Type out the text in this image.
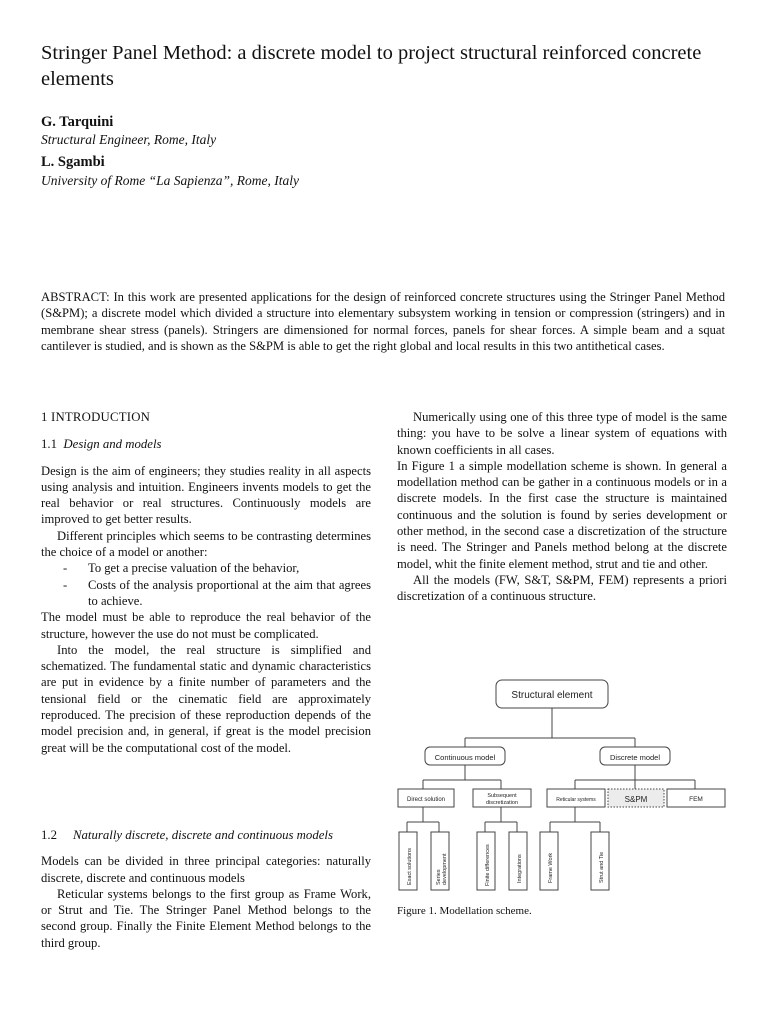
Stringer Panel Method: a discrete model to project structural reinforced concrete elements
G. Tarquini
Structural Engineer, Rome, Italy
L. Sgambi
University of Rome “La Sapienza”, Rome, Italy
ABSTRACT: In this work are presented applications for the design of reinforced concrete structures using the Stringer Panel Method (S&PM); a discrete model which divided a structure into elementary subsystem working in tension or compression (stringers) and in membrane shear stress (panels). Stringers are dimensioned for normal forces, panels for shear forces. A simple beam and a squat cantilever is studied, and is shown as the S&PM is able to get the right global and local results in this two antithetical cases.
1 INTRODUCTION
1.1 Design and models

Design is the aim of engineers; they studies reality in all aspects using analysis and intuition. Engineers invents models to get the real behavior or real structures. Continuously models are improved to get better results.

Different principles which seems to be contrasting determines the choice of a model or another:

- To get a precise valuation of the behavior,
- Costs of the analysis proportional at the aim that agrees to achieve.

The model must be able to reproduce the real behavior of the structure, however the use do not must be complicated.

Into the model, the real structure is simplified and schematized. The fundamental static and dynamic characteristics are put in evidence by a finite number of parameters and the tensional field or the cinematic field are approximately reproduced. The precision of these reproduction depends of the model precision and, in general, if great is the model precision great will be the computational cost of the model.

1.2	Naturally discrete, discrete and continuous models

Models can be divided in three principal categories: naturally discrete, discrete and continuous models

Reticular systems belongs to the first group as Frame Work, or Strut and Tie. The Stringer Panel Method belongs to the second group. Finally the Finite Element Method belongs to the third group.

Numerically using one of this three type of model is the same thing: you have to be solve a linear system of equations with known coefficients in all cases.

In Figure 1 a simple modellation scheme is shown. In general a modellation method can be gather in a continuous models or in a discrete models. In the first case the structure is maintained continuous and the solution is found by series development or other method, in the second case a discretization of the structure is need. The Stringer and Panels method belong at the discrete model, whit the finite element method, strut and tie and other.

All the models (FW, S&T, S&PM, FEM) represents a priori discretization of a continuous structure.

Structural element
Continuous model	Discrete model
Direct solution
Subsequent
discretization	Reticular systems	S&PM	FEM
Exact solutions	Series development	Finite differences	Integrations	Frame Work	Strut and Tie
Figure 1. Modellation scheme.
